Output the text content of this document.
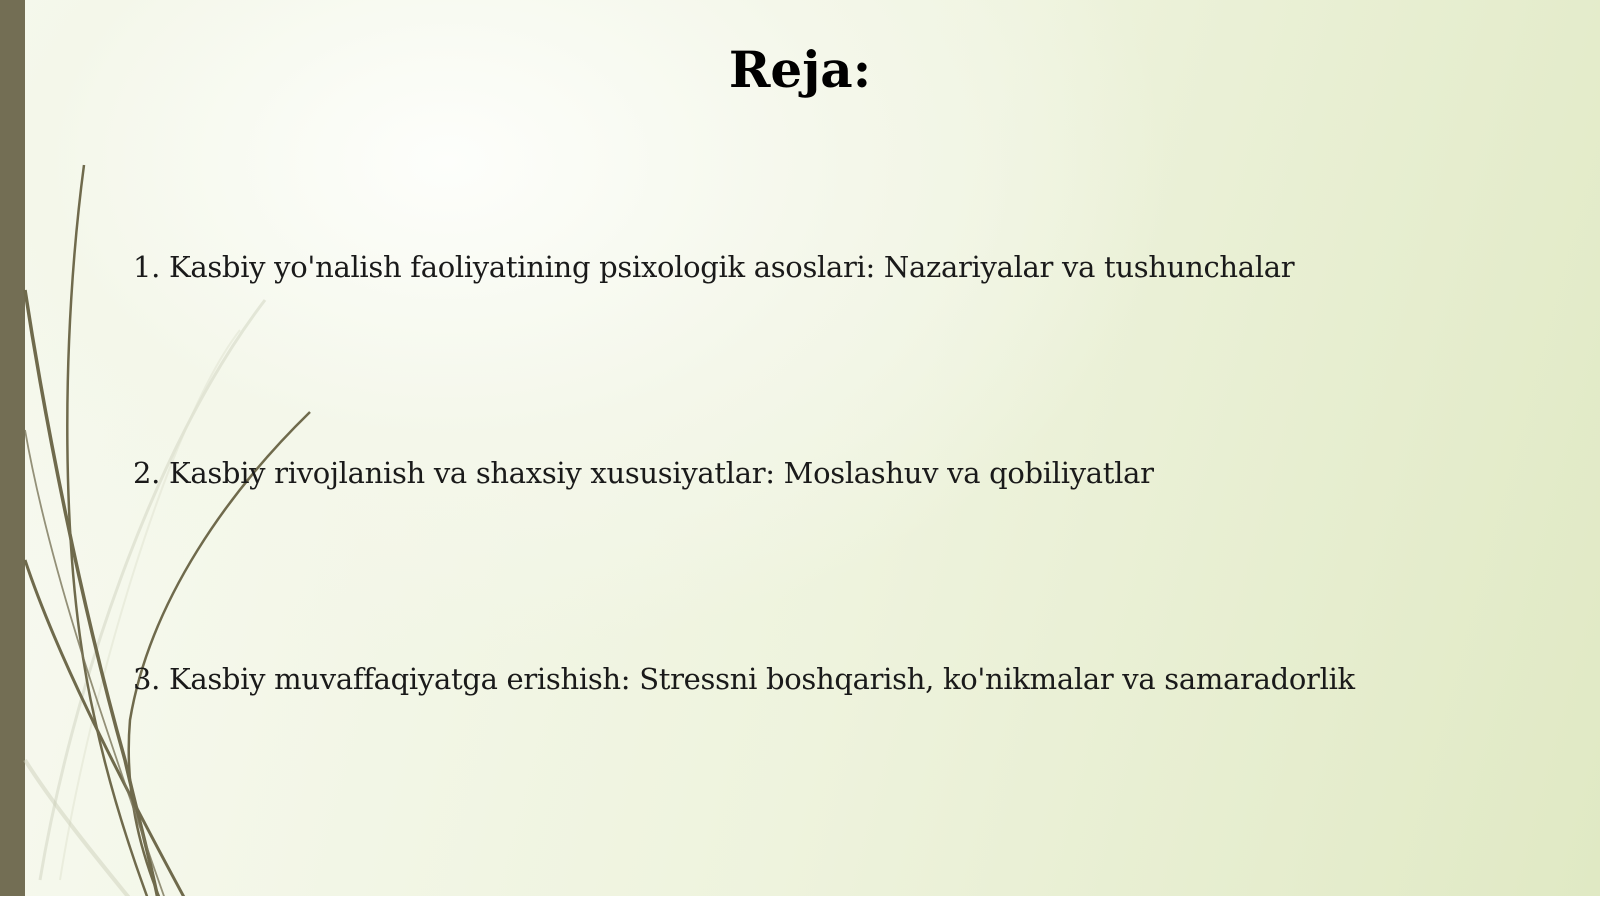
Reja:
1. Kasbiy yo'nalish faoliyatining psixologik asoslari: Nazariyalar va tushunchalar
2. Kasbiy rivojlanish va shaxsiy xususiyatlar: Moslashuv va qobiliyatlar
3. Kasbiy muvaffaqiyatga erishish: Stressni boshqarish, ko'nikmalar va samaradorlik
